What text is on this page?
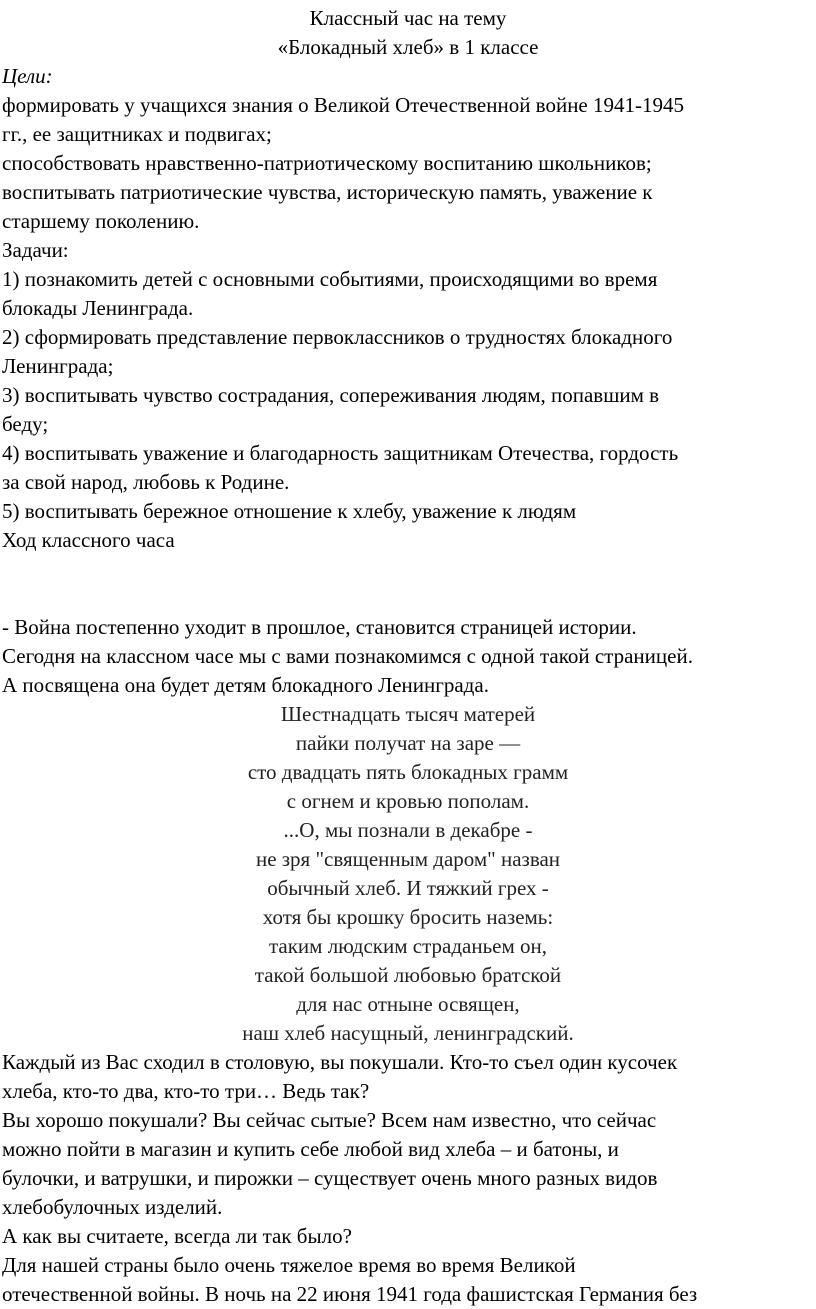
Классный час на тему

«Блокадный хлеб» в 1 классе

Цели:

формировать у учащихся знания о Великой Отечественной войне 1941-1945

гг., ее защитниках и подвигах;

способствовать нравственно-патриотическому воспитанию школьников;

воспитывать патриотические чувства, историческую память, уважение к

старшему поколению.

Задачи:

1) познакомить детей с основными событиями, происходящими во время

блокады Ленинграда.

2) сформировать представление первоклассников о трудностях блокадного

Ленинграда;

3) воспитывать чувство сострадания, сопереживания людям, попавшим в

беду;

4) воспитывать уважение и благодарность защитникам Отечества, гордость

за свой народ, любовь к Родине.

5) воспитывать бережное отношение к хлебу, уважение к людям

Ход классного часа

- Война постепенно уходит в прошлое, становится страницей истории.

Сегодня на классном часе мы с вами познакомимся с одной такой страницей.

А посвящена она будет детям блокадного Ленинграда.

Шестнадцать тысяч матерей

пайки получат на заре —

сто двадцать пять блокадных грамм

с огнем и кровью пополам.

...О, мы познали в декабре -

не зря "священным даром" назван

обычный хлеб. И тяжкий грех -

хотя бы крошку бросить наземь:

таким людским страданьем он,

такой большой любовью братской

для нас отныне освящен,

наш хлеб насущный, ленинградский.

Каждый из Вас сходил в столовую, вы покушали. Кто-то съел один кусочек

хлеба, кто-то два, кто-то три… Ведь так?

Вы хорошо покушали? Вы сейчас сытые? Всем нам известно, что сейчас

можно пойти в магазин и купить себе любой вид хлеба – и батоны, и

булочки, и ватрушки, и пирожки – существует очень много разных видов

хлебобулочных изделий.

А как вы считаете, всегда ли так было?

Для нашей страны было очень тяжелое время во время Великой

отечественной войны. В ночь на 22 июня 1941 года фашистская Германия без
